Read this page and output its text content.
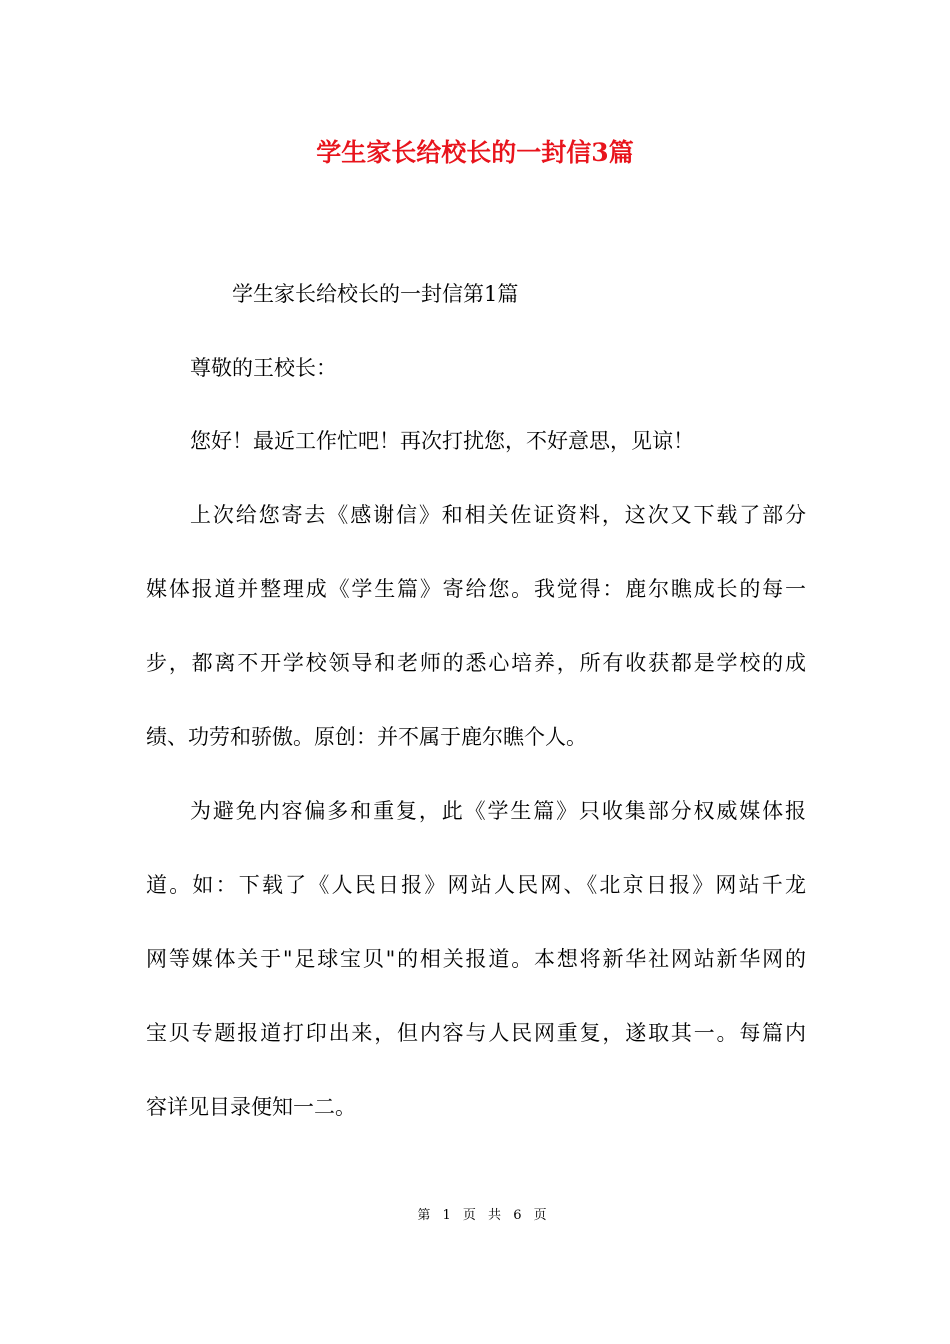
学生家长给校长的一封信3篇
学生家长给校长的一封信第1篇
尊敬的王校长：
您好！最近工作忙吧！再次打扰您，不好意思，见谅！
上次给您寄去《感谢信》和相关佐证资料，这次又下载了部分
媒体报道并整理成《学生篇》寄给您。我觉得：鹿尔瞧成长的每一
步，都离不开学校领导和老师的悉心培养，所有收获都是学校的成
绩、功劳和骄傲。原创：并不属于鹿尔瞧个人。
为避免内容偏多和重复，此《学生篇》只收集部分权威媒体报
道。如：下载了《人民日报》网站人民网、《北京日报》网站千龙
网等媒体关于"足球宝贝"的相关报道。本想将新华社网站新华网的
宝贝专题报道打印出来，但内容与人民网重复，遂取其一。每篇内
容详见目录便知一二。
第 1 页 共 6 页
